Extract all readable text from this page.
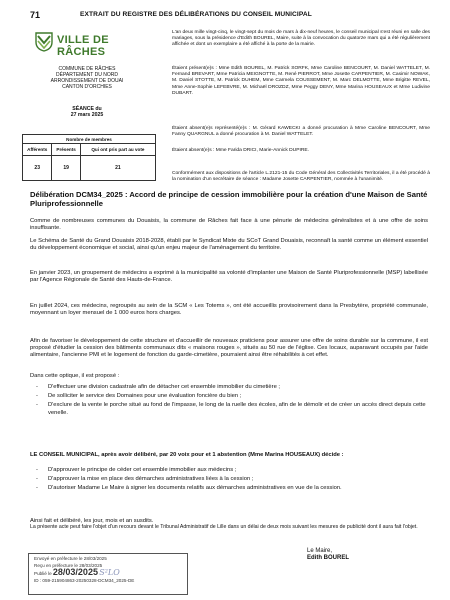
71	EXTRAIT DU REGISTRE DES DÉLIBÉRATIONS DU CONSEIL MUNICIPAL
VILLE DE RÂCHES
COMMUNE DE RÂCHES
DÉPARTEMENT DU NORD
ARRONDISSEMENT DE DOUAI
CANTON D'ORCHIES
SÉANCE du
27 mars 2025
Nombre de membres		
Afférents	Présents	Qui ont pris part au vote
23	19	21
L'an deux mille vingt-cinq, le vingt-sept du mois de mars à dix-neuf heures, le conseil municipal s'est réuni en salle des mariages, sous la présidence d'Edith BOUREL, Maire, suite à la convocation du quatorze mars qui a été régulièrement affichée et dont un exemplaire a été affiché à la porte de la mairie.
Étaient présent(e)s : Mme Edith BOUREL, M. Patrick SORFK, Mme Caroline BENCOURT, M. Daniel WATTELET, M. Fernand BREVART, Mme Patricia MEIGNOTTE, M. René PIERROT, Mme Josette CARPENTIER, M. Casimir NOWAK, M. Daniel STOTTE, M. Patrick DUHEM, Mme Carmela COUSSEMENT, M. Marc DELMOTTE, Mme Brigitte REVEL, Mme Anne-Sophie LEFEBVRE, M. Michaël DROZDZ, Mme Peggy DENY, Mme Marina HOUSEAUX et Mme Ludivine DUBART.
Étaient absent(e)s représenté(e)s : M. Gérard KAWECKI a donné procuration à Mme Caroline BENCOURT, Mme Fanny QUARGNUL a donné procuration à M. Daniel WATTELET.
Étaient absent(e)s : Mme Farida DRICI, Marie-Annick DUPIRE.
Conformément aux dispositions de l'article L.2121-15 du Code Général des Collectivités Territoriales, il a été procédé à la nomination d'un secrétaire de séance : Madame Josette CARPENTIER, nommée à l'unanimité.
Délibération DCM34_2025 : Accord de principe de cession immobilière pour la création d'une Maison de Santé Pluriprofessionnelle
Comme de nombreuses communes du Douaisis, la commune de Râches fait face à une pénurie de médecins généralistes et à une offre de soins insuffisante.
Le Schéma de Santé du Grand Douaisis 2018-2028, établi par le Syndicat Mixte du SCoT Grand Douaisis, reconnaît la santé comme un élément essentiel du développement économique et social, ainsi qu'un enjeu majeur de l'aménagement du territoire.
En janvier 2023, un groupement de médecins a exprimé à la municipalité sa volonté d'implanter une Maison de Santé Pluriprofessionnelle (MSP) labellisée par l'Agence Régionale de Santé des Hauts-de-France.
En juillet 2024, ces médecins, regroupés au sein de la SCM « Les Totems », ont été accueillis provisoirement dans la Presbytère, propriété communale, moyennant un loyer mensuel de 1 000 euros hors charges.
Afin de favoriser le développement de cette structure et d'accueillir de nouveaux praticiens pour assurer une offre de soins durable sur la commune, il est proposé d'étudier la cession des bâtiments communaux dits « maisons rouges », situés au 50 rue de l'église. Ces locaux, auparavant occupés par l'aide alimentaire, l'ancienne PMI et le logement de fonction du garde-cimetière, pourraient ainsi être réhabilités à cet effet.
Dans cette optique, il est proposé :
- D'effectuer une division cadastrale afin de détacher cet ensemble immobilier du cimetière ;
- De solliciter le service des Domaines pour une évaluation foncière du bien ;
- D'exclure de la vente le porche situé au fond de l'impasse, le long de la ruelle des écoles, afin de le démolir et de créer un accès direct depuis cette venelle.
LE CONSEIL MUNICIPAL, après avoir délibéré, par 20 voix pour et 1 abstention (Mme Marina HOUSEAUX) décide :
- D'approuver le principe de céder cet ensemble immobilier aux médecins ;
- D'approuver la mise en place des démarches administratives liées à la cession ;
- D'autoriser Madame Le Maire à signer les documents relatifs aux démarches administratives en vue de la cession.
Ainsi fait et délibéré, les jour, mois et an susdits.
La présente acte peut faire l'objet d'un recours devant le Tribunal Administratif de Lille dans un délai de deux mois suivant les mesures de publicité dont il aura fait l'objet.
Envoyé en préfecture le 28/03/2025
Reçu en préfecture le 28/03/2025
Publié le 28/03/2025 S²LO
ID : 059-215904863-20250328-DCM34_2025-DE
Le Maire,
Edith BOUREL
